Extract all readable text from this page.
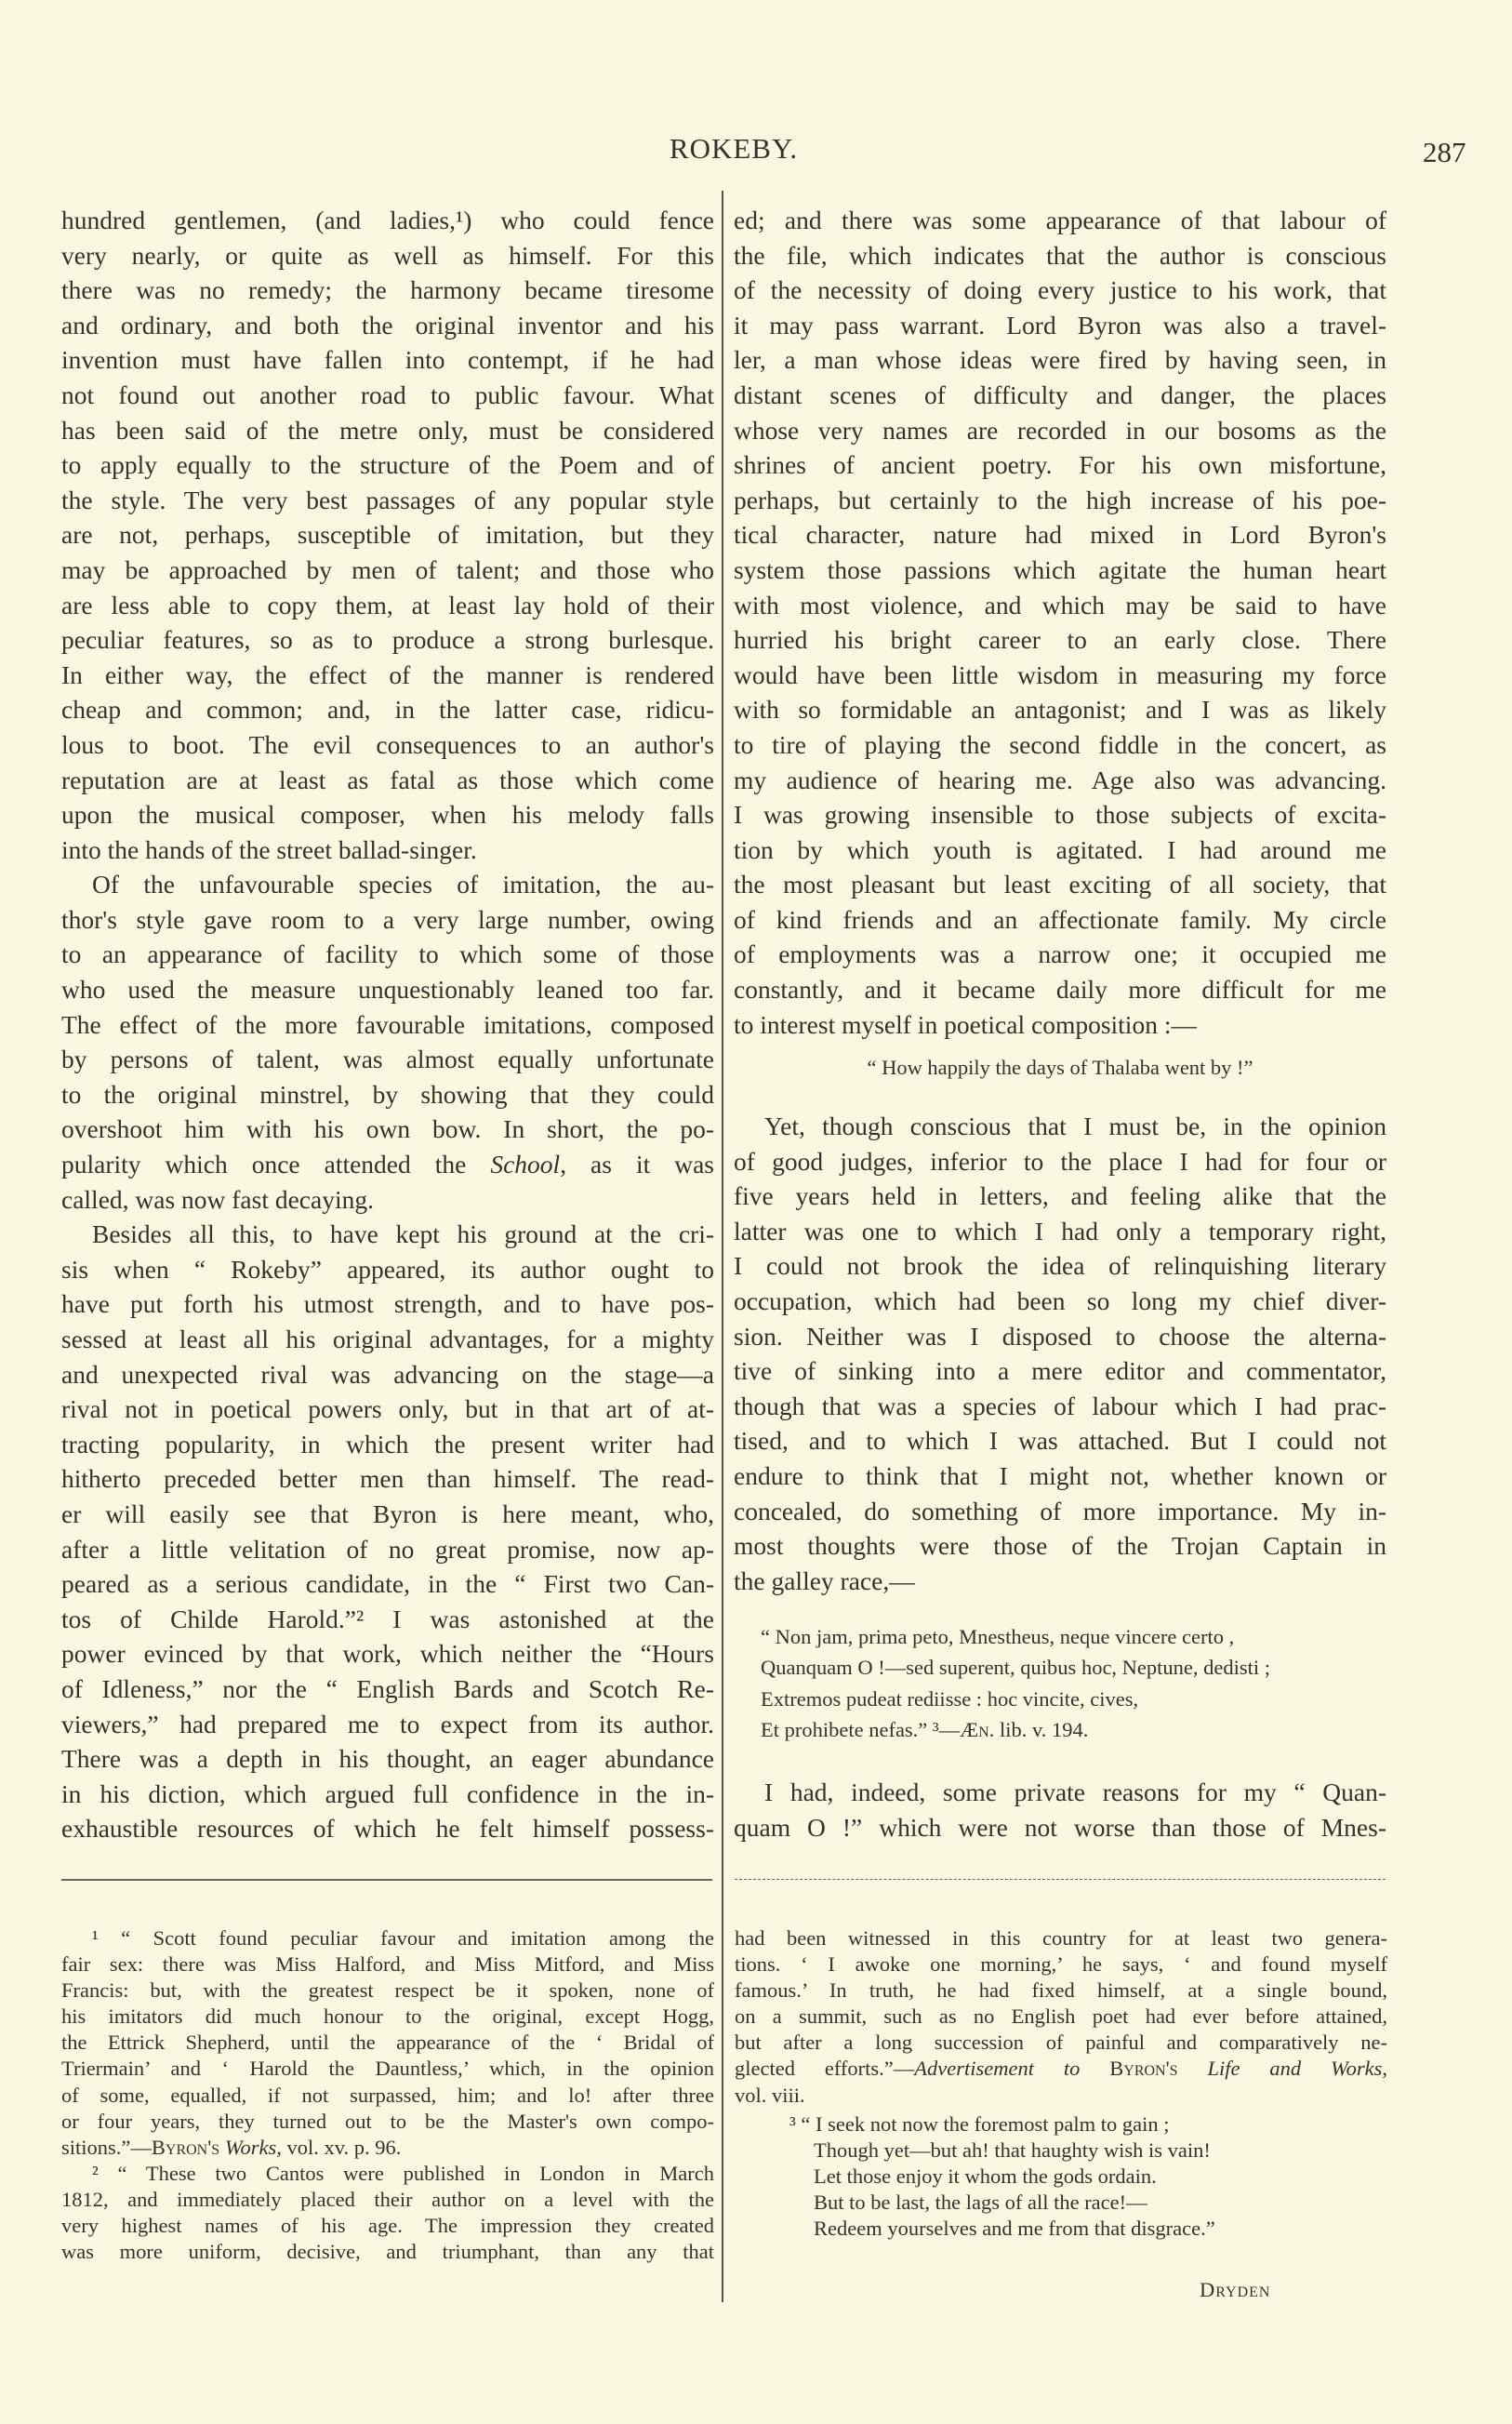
ROKEBY.	287
hundred gentlemen, (and ladies,¹) who could fence
very nearly, or quite as well as himself. For this
there was no remedy; the harmony became tiresome
and ordinary, and both the original inventor and his
invention must have fallen into contempt, if he had
not found out another road to public favour. What
has been said of the metre only, must be considered
to apply equally to the structure of the Poem and of
the style. The very best passages of any popular style
are not, perhaps, susceptible of imitation, but they
may be approached by men of talent; and those who
are less able to copy them, at least lay hold of their
peculiar features, so as to produce a strong burlesque.
In either way, the effect of the manner is rendered
cheap and common; and, in the latter case, ridicu-
lous to boot. The evil consequences to an author's
reputation are at least as fatal as those which come
upon the musical composer, when his melody falls
into the hands of the street ballad-singer.
Of the unfavourable species of imitation, the au-
thor's style gave room to a very large number, owing
to an appearance of facility to which some of those
who used the measure unquestionably leaned too far.
The effect of the more favourable imitations, composed
by persons of talent, was almost equally unfortunate
to the original minstrel, by showing that they could
overshoot him with his own bow. In short, the po-
pularity which once attended the School, as it was
called, was now fast decaying.
Besides all this, to have kept his ground at the cri-
sis when “ Rokeby” appeared, its author ought to
have put forth his utmost strength, and to have pos-
sessed at least all his original advantages, for a mighty
and unexpected rival was advancing on the stage—a
rival not in poetical powers only, but in that art of at-
tracting popularity, in which the present writer had
hitherto preceded better men than himself. The read-
er will easily see that Byron is here meant, who,
after a little velitation of no great promise, now ap-
peared as a serious candidate, in the “ First two Can-
tos of Childe Harold.”² I was astonished at the
power evinced by that work, which neither the “Hours
of Idleness,” nor the “ English Bards and Scotch Re-
viewers,” had prepared me to expect from its author.
There was a depth in his thought, an eager abundance
in his diction, which argued full confidence in the in-
exhaustible resources of which he felt himself possess-
ed; and there was some appearance of that labour of
the file, which indicates that the author is conscious
of the necessity of doing every justice to his work, that
it may pass warrant. Lord Byron was also a travel-
ler, a man whose ideas were fired by having seen, in
distant scenes of difficulty and danger, the places
whose very names are recorded in our bosoms as the
shrines of ancient poetry. For his own misfortune,
perhaps, but certainly to the high increase of his poe-
tical character, nature had mixed in Lord Byron's
system those passions which agitate the human heart
with most violence, and which may be said to have
hurried his bright career to an early close. There
would have been little wisdom in measuring my force
with so formidable an antagonist; and I was as likely
to tire of playing the second fiddle in the concert, as
my audience of hearing me. Age also was advancing.
I was growing insensible to those subjects of excita-
tion by which youth is agitated. I had around me
the most pleasant but least exciting of all society, that
of kind friends and an affectionate family. My circle
of employments was a narrow one; it occupied me
constantly, and it became daily more difficult for me
to interest myself in poetical composition :—
“ How happily the days of Thalaba went by !”
Yet, though conscious that I must be, in the opinion
of good judges, inferior to the place I had for four or
five years held in letters, and feeling alike that the
latter was one to which I had only a temporary right,
I could not brook the idea of relinquishing literary
occupation, which had been so long my chief diver-
sion. Neither was I disposed to choose the alterna-
tive of sinking into a mere editor and commentator,
though that was a species of labour which I had prac-
tised, and to which I was attached. But I could not
endure to think that I might not, whether known or
concealed, do something of more importance. My in-
most thoughts were those of the Trojan Captain in
the galley race,—
“ Non jam, prima peto, Mnestheus, neque vincere certo ,
Quanquam O !—sed superent, quibus hoc, Neptune, dedisti ;
Extremos pudeat rediisse : hoc vincite, cives,
Et prohibete nefas.” ³—Æn. lib. v. 194.
I had, indeed, some private reasons for my “ Quan-
quam O !” which were not worse than those of Mnes-
¹ “ Scott found peculiar favour and imitation among the
fair sex: there was Miss Halford, and Miss Mitford, and Miss
Francis: but, with the greatest respect be it spoken, none of
his imitators did much honour to the original, except Hogg,
the Ettrick Shepherd, until the appearance of the ‘ Bridal of
Triermain’ and ‘ Harold the Dauntless,’ which, in the opinion
of some, equalled, if not surpassed, him; and lo! after three
or four years, they turned out to be the Master's own compo-
sitions.”—Byron's Works, vol. xv. p. 96.
² “ These two Cantos were published in London in March
1812, and immediately placed their author on a level with the
very highest names of his age. The impression they created
was more uniform, decisive, and triumphant, than any that
had been witnessed in this country for at least two genera-
tions. ‘ I awoke one morning,’ he says, ‘ and found myself
famous.’ In truth, he had fixed himself, at a single bound,
on a summit, such as no English poet had ever before attained,
but after a long succession of painful and comparatively ne-
glected efforts.”—Advertisement to Byron's Life and Works,
vol. viii.
³ “ I seek not now the foremost palm to gain ;
Though yet—but ah! that haughty wish is vain!
Let those enjoy it whom the gods ordain.
But to be last, the lags of all the race!—
Redeem yourselves and me from that disgrace.”
Dryden
